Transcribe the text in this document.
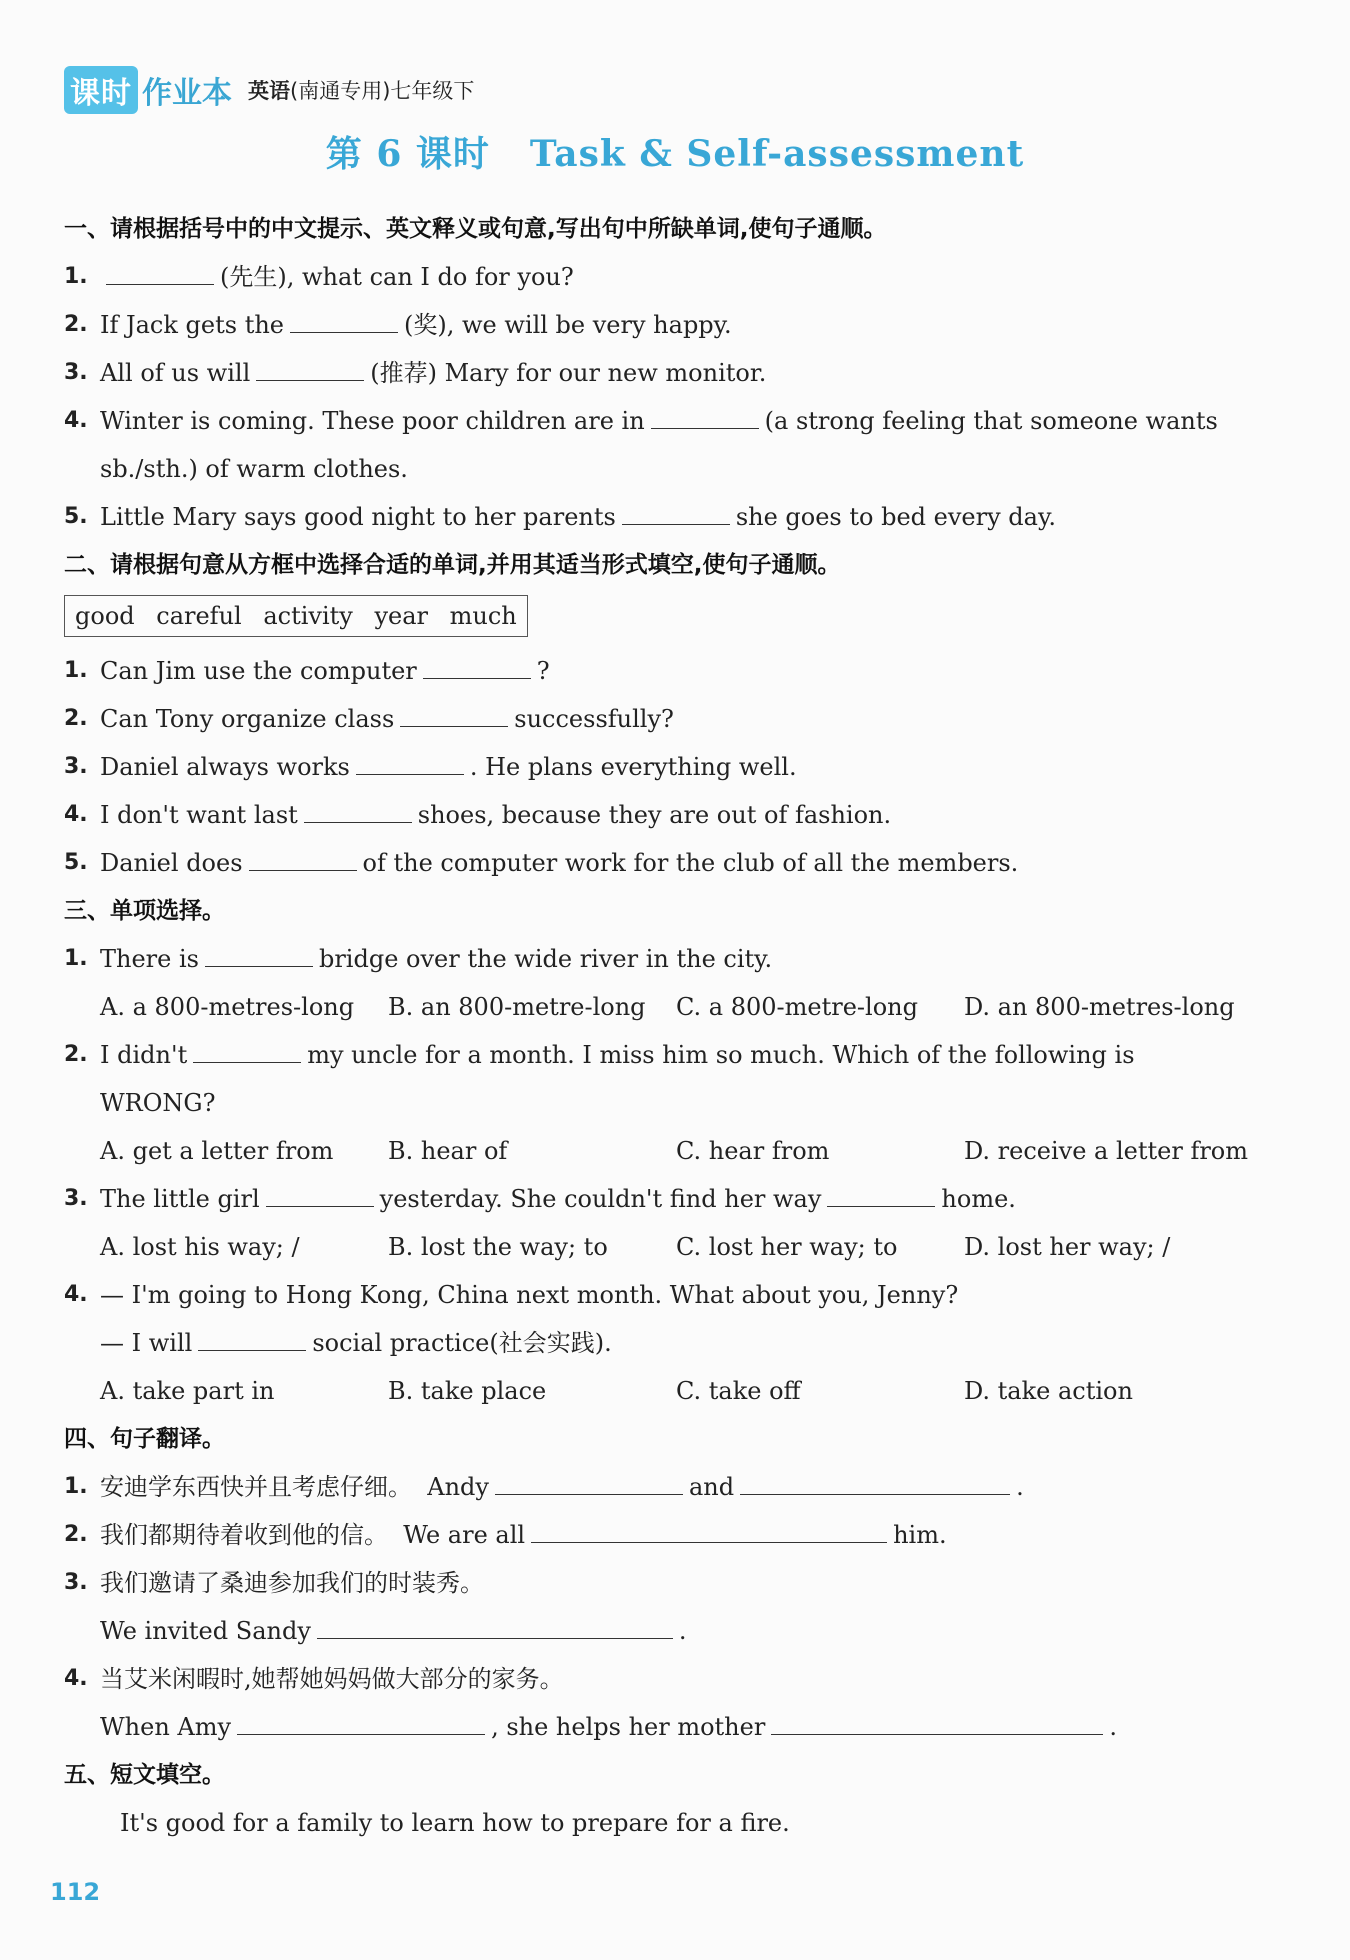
课时 作业本 英语(南通专用)七年级下
第 6 课时 Task & Self-assessment
一、请根据括号中的中文提示、英文释义或句意,写出句中所缺单词,使句子通顺。
1.	(先生), what can I do for you?
2. If Jack gets the	(奖), we will be very happy.
3. All of us will	(推荐) Mary for our new monitor.
4. Winter is coming. These poor children are in	(a strong feeling that someone wants
sb./sth.) of warm clothes.
5. Little Mary says good night to her parents	she goes to bed every day.
二、请根据句意从方框中选择合适的单词,并用其适当形式填空,使句子通顺。
good careful activity year much
1. Can Jim use the computer	?
2. Can Tony organize class	successfully?
3. Daniel always works	. He plans everything well.
4. I don't want last	shoes, because they are out of fashion.
5. Daniel does	of the computer work for the club of all the members.
三、单项选择。
1. There is	bridge over the wide river in the city.
A. a 800-metres-long	B. an 800-metre-long	C. a 800-metre-long	D. an 800-metres-long
2. I didn't	my uncle for a month. I miss him so much. Which of the following is
WRONG?
A. get a letter from	B. hear of	C. hear from	D. receive a letter from
3. The little girl	yesterday. She couldn't find her way	home.
A. lost his way; /	B. lost the way; to	C. lost her way; to	D. lost her way; /
4. — I'm going to Hong Kong, China next month. What about you, Jenny?
— I will	social practice(社会实践).
A. take part in	B. take place	C. take off	D. take action
四、句子翻译。
1. 安迪学东西快并且考虑仔细。 Andy	and	.
2. 我们都期待着收到他的信。 We are all	him.
3. 我们邀请了桑迪参加我们的时装秀。
We invited Sandy	.
4. 当艾米闲暇时,她帮她妈妈做大部分的家务。
When Amy	, she helps her mother	.
五、短文填空。
It's good for a family to learn how to prepare for a fire.
112
